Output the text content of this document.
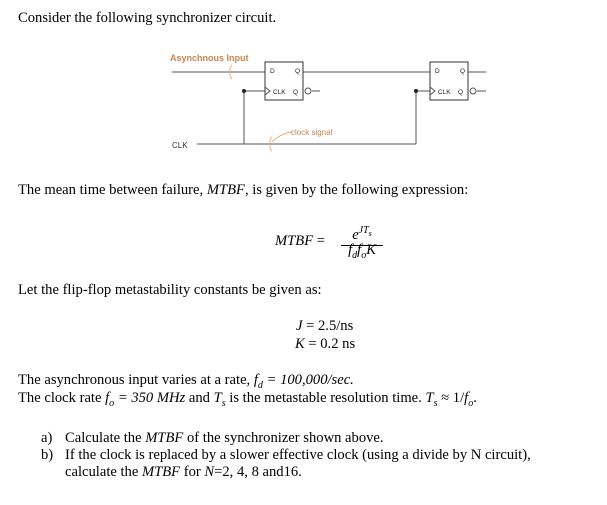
Consider the following synchronizer circuit.
D	Q
CLK Q
D	Q
CLK Q
Asynchnous Input
clock signal
CLK
The mean time between failure, MTBF, is given by the following expression:
MTBF =	$e^{JT_s}$
$f_df_oK$
Let the flip-flop metastability constants be given as:
J = 2.5/ns
K = 0.2 ns
The asynchronous input varies at a rate, $f_d = 100,000/\sec$.
The clock rate $f_o = 350$ MHz and $T_s$ is the metastable resolution time. $T_s \approx 1/f_o$.
a) Calculate the MTBF of the synchronizer shown above.
b) If the clock is replaced by a slower effective clock (using a divide by N circuit),
calculate the MTBF for N=2, 4, 8 and16.
